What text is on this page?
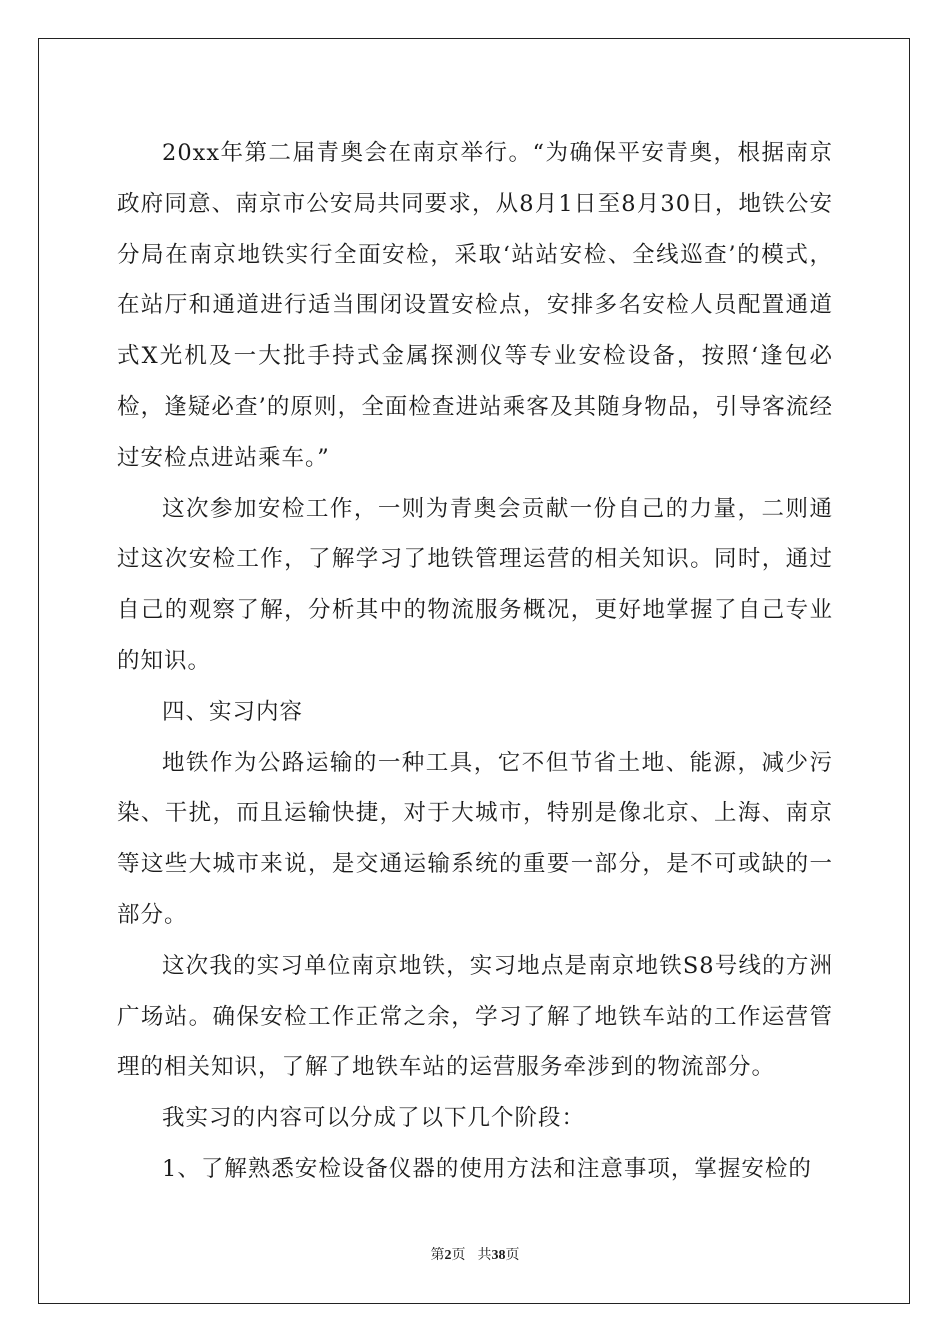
20xx年第二届青奥会在南京举行。“为确保平安青奥，根据南京政府同意、南京市公安局共同要求，从8月1日至8月30日，地铁公安分局在南京地铁实行全面安检，采取‘站站安检、全线巡查’的模式，在站厅和通道进行适当围闭设置安检点，安排多名安检人员配置通道式X光机及一大批手持式金属探测仪等专业安检设备，按照‘逢包必检，逢疑必查’的原则，全面检查进站乘客及其随身物品，引导客流经过安检点进站乘车。”

这次参加安检工作，一则为青奥会贡献一份自己的力量，二则通过这次安检工作，了解学习了地铁管理运营的相关知识。同时，通过自己的观察了解，分析其中的物流服务概况，更好地掌握了自己专业的知识。

四、实习内容

地铁作为公路运输的一种工具，它不但节省土地、能源，减少污染、干扰，而且运输快捷，对于大城市，特别是像北京、上海、南京等这些大城市来说，是交通运输系统的重要一部分，是不可或缺的一部分。

这次我的实习单位南京地铁，实习地点是南京地铁S8号线的方洲广场站。确保安检工作正常之余，学习了解了地铁车站的工作运营管理的相关知识，了解了地铁车站的运营服务牵涉到的物流部分。

我实习的内容可以分成了以下几个阶段：

1、了解熟悉安检设备仪器的使用方法和注意事项，掌握安检的

第2页 共38页
